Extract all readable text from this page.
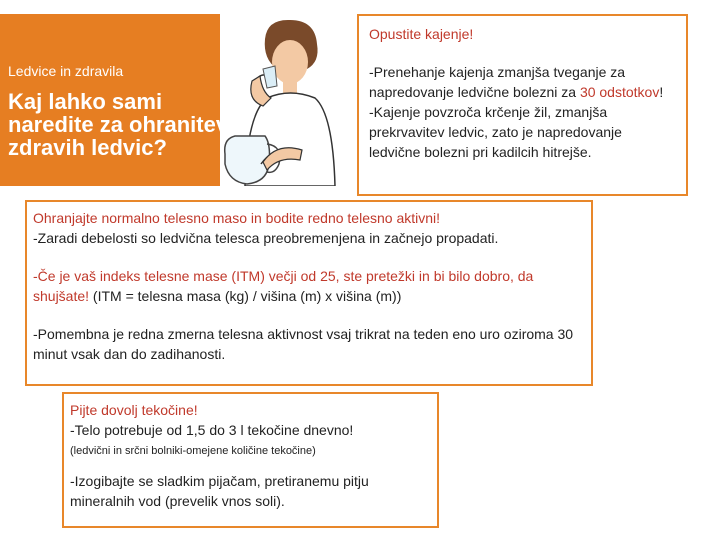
Ledvice in zdravila
Kaj lahko sami
naredite za ohranitev
zdravih ledvic?
Opustite kajenje!

-Prenehanje kajenja zmanjša tveganje za napredovanje ledvične bolezni za 30 odstotkov!

-Kajenje povzroča krčenje žil, zmanjša prekrvavitev ledvic, zato je napredovanje ledvične bolezni pri kadilcih hitrejše.

Ohranjajte normalno telesno maso in bodite redno telesno aktivni!

-Zaradi debelosti so ledvična telesca preobremenjena in začnejo propadati.

-Če je vaš indeks telesne mase (ITM) večji od 25, ste pretežki in bi bilo dobro, da shujšate! (ITM = telesna masa (kg) / višina (m) x višina (m))

-Pomembna je redna zmerna telesna aktivnost vsaj trikrat na teden eno uro oziroma 30 minut vsak dan do zadihanosti.

Pijte dovolj tekočine!

-Telo potrebuje od 1,5 do 3 l tekočine dnevno!

(ledvični in srčni bolniki-omejene količine tekočine)

-Izogibajte se sladkim pijačam, pretiranemu pitju mineralnih vod (prevelik vnos soli).
